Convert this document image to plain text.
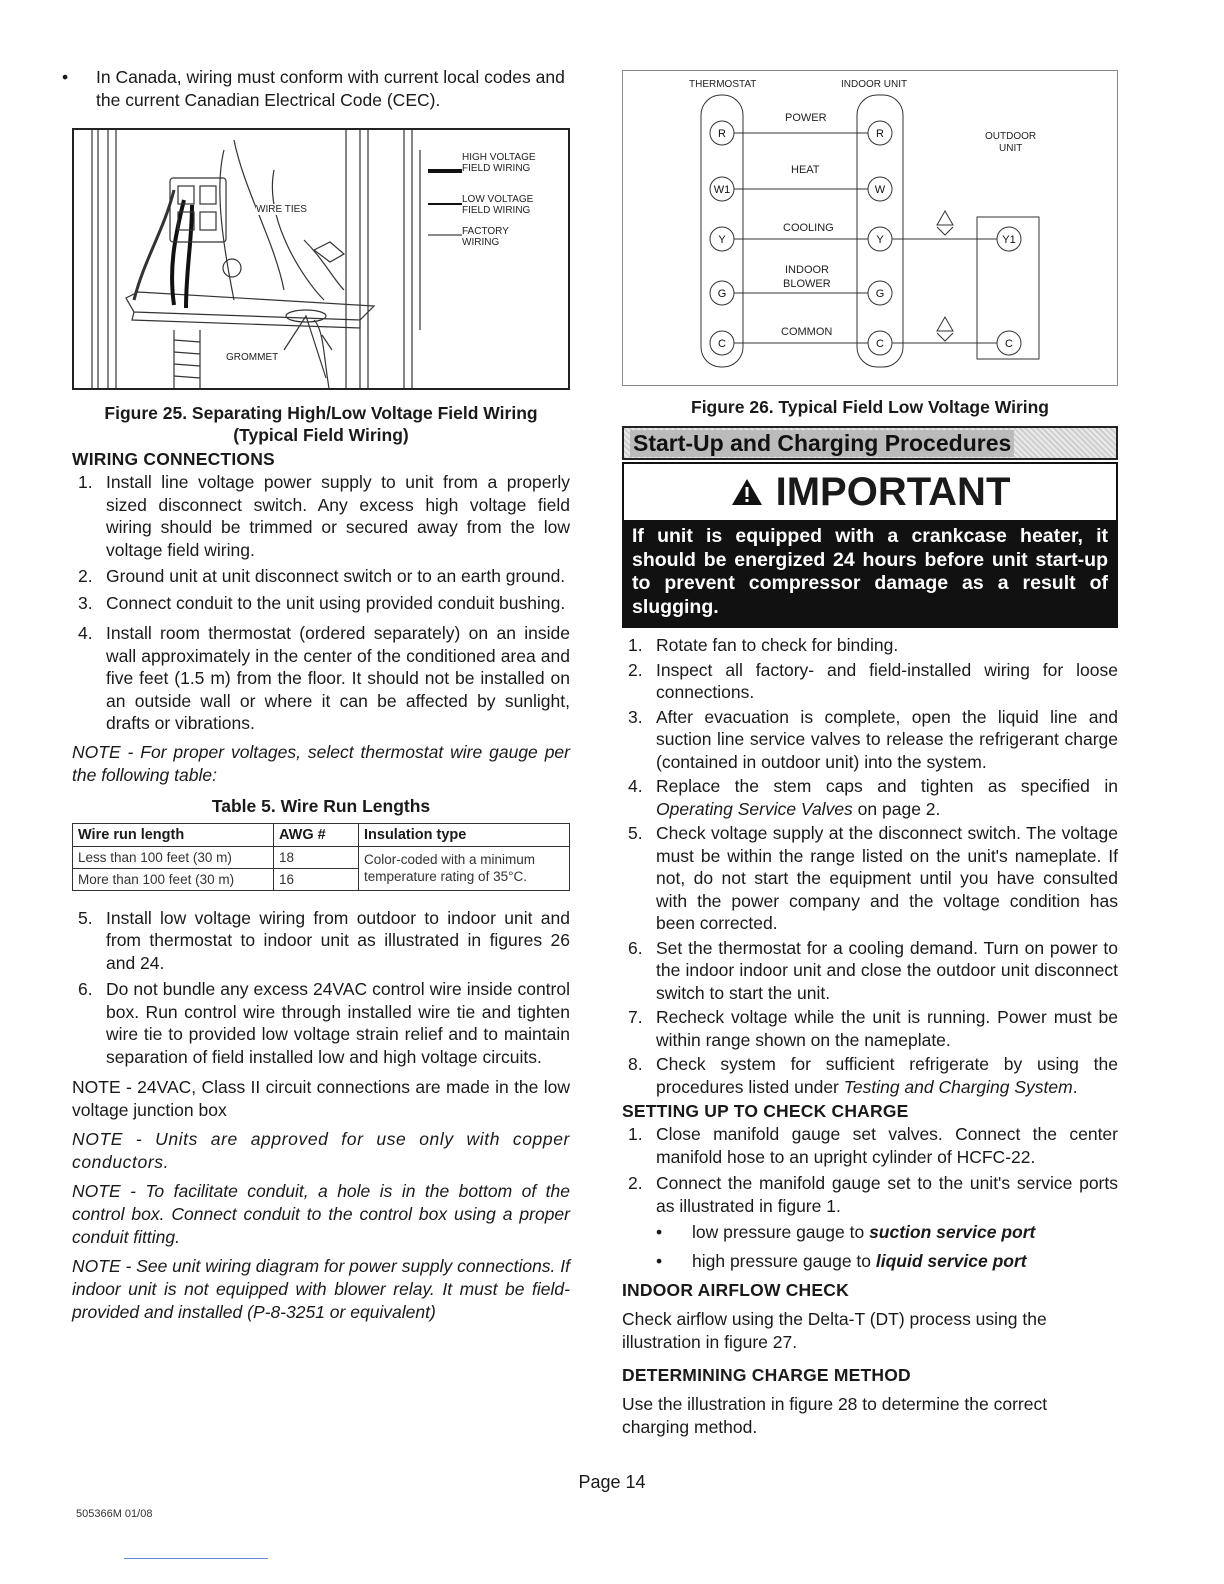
•	In Canada, wiring must conform with current local codes and the current Canadian Electrical Code (CEC).
HIGH VOLTAGE FIELD WIRING
LOW VOLTAGE FIELD WIRING
FACTORY WIRING
WIRE TIES
GROMMET
Figure 25. Separating High/Low Voltage Field Wiring
(Typical Field Wiring)
WIRING CONNECTIONS
1. Install line voltage power supply to unit from a properly sized disconnect switch. Any excess high voltage field wiring should be trimmed or secured away from the low voltage field wiring.
2. Ground unit at unit disconnect switch or to an earth ground.
3. Connect conduit to the unit using provided conduit bushing.
4. Install room thermostat (ordered separately) on an inside wall approximately in the center of the conditioned area and five feet (1.5 m) from the floor. It should not be installed on an outside wall or where it can be affected by sunlight, drafts or vibrations.

NOTE - For proper voltages, select thermostat wire gauge per the following table:

Table 5. Wire Run Lengths
Wire run length	AWG #	Insulation type
Less than 100 feet (30 m)	18	Color-coded with a minimum temperature rating of 35°C.
More than 100 feet (30 m)	16	
5. Install low voltage wiring from outdoor to indoor unit and from thermostat to indoor unit as illustrated in figures 26 and 24.
6. Do not bundle any excess 24VAC control wire inside control box. Run control wire through installed wire tie and tighten wire tie to provided low voltage strain relief and to maintain separation of field installed low and high voltage circuits.

NOTE - 24VAC, Class II circuit connections are made in the low voltage junction box

NOTE - Units are approved for use only with copper conductors.

NOTE - To facilitate conduit, a hole is in the bottom of the control box. Connect conduit to the control box using a proper conduit fitting.

NOTE - See unit wiring diagram for power supply connections. If indoor unit is not equipped with blower relay. It must be field-provided and installed (P-8-3251 or equivalent)

THERMOSTAT	INDOOR UNIT
OUTDOOR
UNIT
POWER
HEAT
COOLING
INDOOR
BLOWER
COMMON
R
W1
Y
G
C
R
W
Y
G
C
Y1
C
Figure 26. Typical Field Low Voltage Wiring
Start-Up and Charging Procedures
IMPORTANT
If unit is equipped with a crankcase heater, it should be energized 24 hours before unit start-up to prevent compressor damage as a result of slugging.
1. Rotate fan to check for binding.
2. Inspect all factory- and field-installed wiring for loose connections.
3. After evacuation is complete, open the liquid line and suction line service valves to release the refrigerant charge (contained in outdoor unit) into the system.
4. Replace the stem caps and tighten as specified in Operating Service Valves on page 2.
5. Check voltage supply at the disconnect switch. The voltage must be within the range listed on the unit's nameplate. If not, do not start the equipment until you have consulted with the power company and the voltage condition has been corrected.
6. Set the thermostat for a cooling demand. Turn on power to the indoor indoor unit and close the outdoor unit disconnect switch to start the unit.
7. Recheck voltage while the unit is running. Power must be within range shown on the nameplate.
8. Check system for sufficient refrigerate by using the procedures listed under Testing and Charging System.
SETTING UP TO CHECK CHARGE
1. Close manifold gauge set valves. Connect the center manifold hose to an upright cylinder of HCFC-22.
2. Connect the manifold gauge set to the unit's service ports as illustrated in figure 1.
•	low pressure gauge to suction service port
•	high pressure gauge to liquid service port
INDOOR AIRFLOW CHECK

Check airflow using the Delta-T (DT) process using the illustration in figure 27.

DETERMINING CHARGE METHOD

Use the illustration in figure 28 to determine the correct charging method.

Page 14
505366M 01/08
